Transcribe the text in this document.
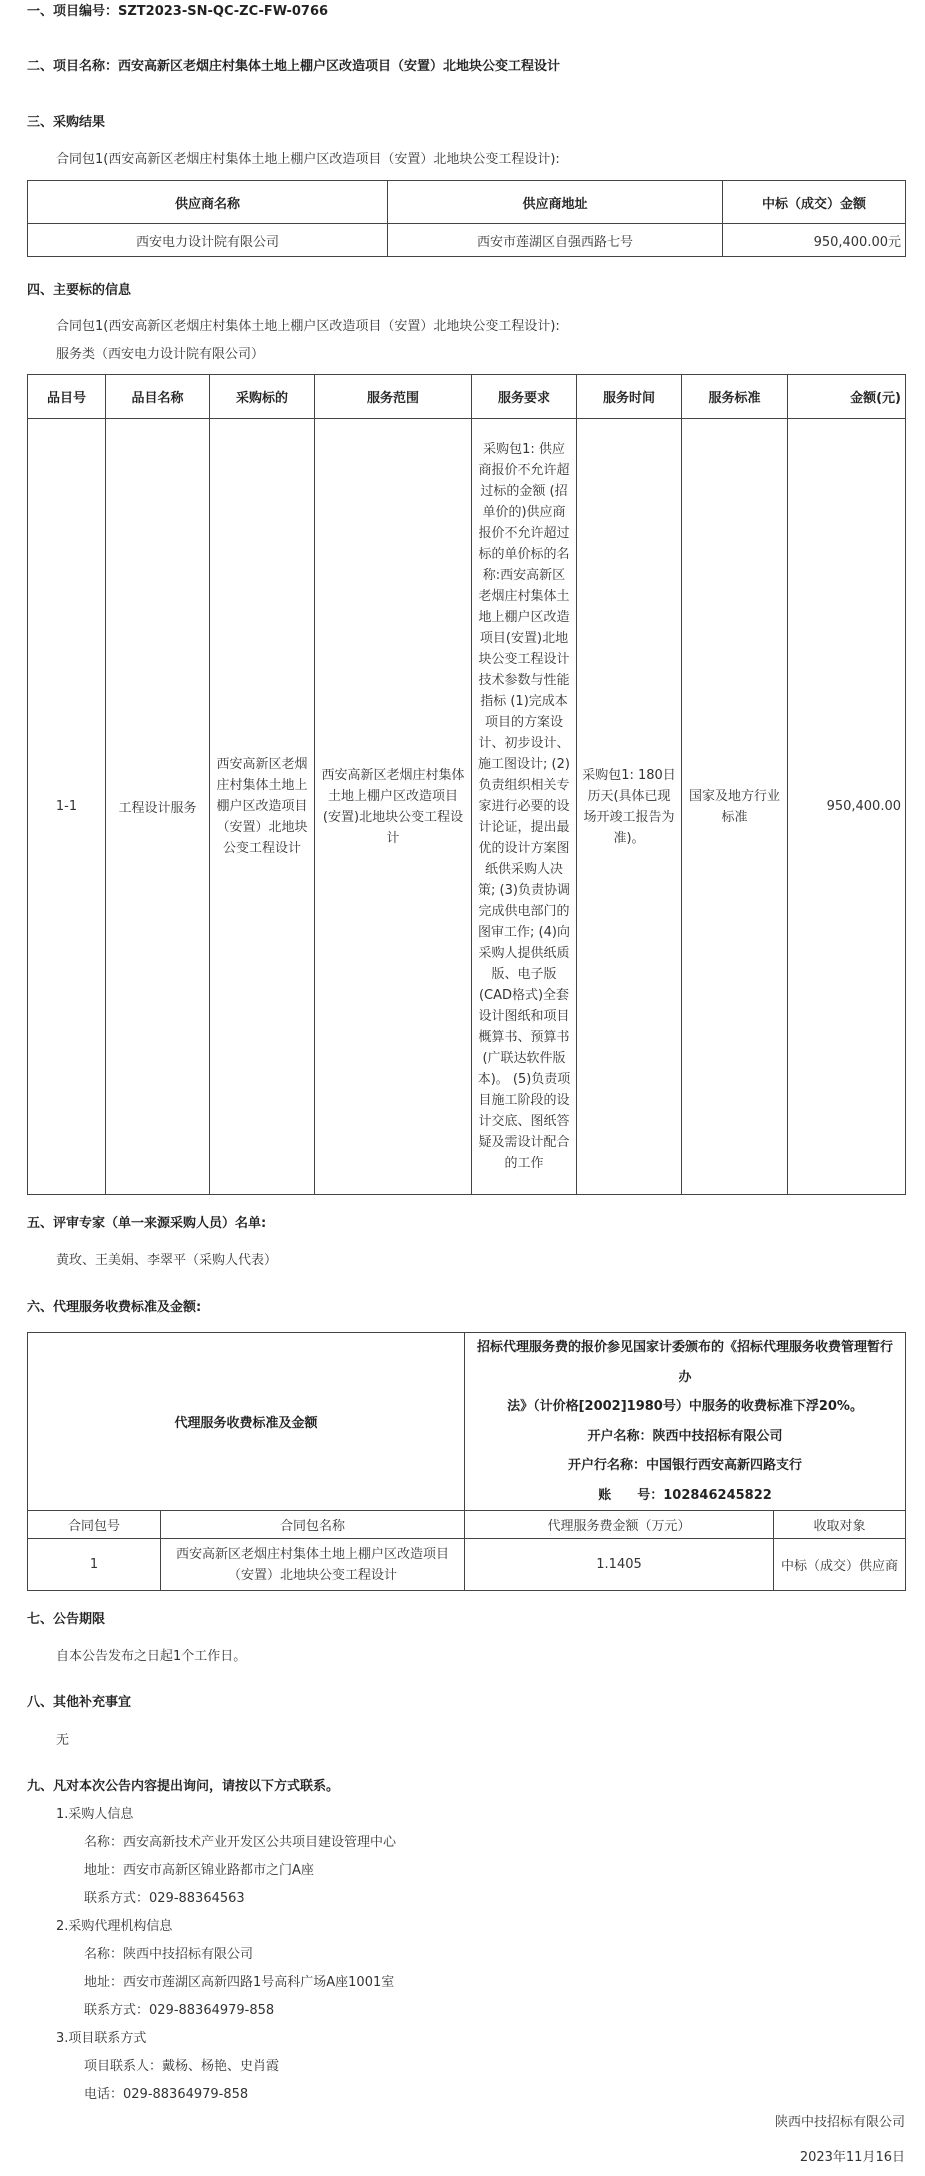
一、项目编号：SZT2023-SN-QC-ZC-FW-0766
二、项目名称：西安高新区老烟庄村集体土地上棚户区改造项目（安置）北地块公变工程设计
三、采购结果
合同包1(西安高新区老烟庄村集体土地上棚户区改造项目（安置）北地块公变工程设计):
供应商名称	供应商地址	中标（成交）金额
西安电力设计院有限公司	西安市莲湖区自强西路七号	950,400.00元
四、主要标的信息
合同包1(西安高新区老烟庄村集体土地上棚户区改造项目（安置）北地块公变工程设计):
服务类（西安电力设计院有限公司）
品目号	品目名称	采购标的	服务范围	服务要求	服务时间	服务标准	金额(元)
1-1	工程设计服务	西安高新区老烟庄村集体土地上棚户区改造项目（安置）北地块公变工程设计	西安高新区老烟庄村集体土地上棚户区改造项目(安置)北地块公变工程设计	采购包1: 供应商报价不允许超过标的金额 (招单价的)供应商报价不允许超过标的单价标的名称:西安高新区老烟庄村集体土地上棚户区改造项目(安置)北地块公变工程设计技术参数与性能指标 (1)完成本项目的方案设计、初步设计、施工图设计; (2)负责组织相关专家进行必要的设计论证，提出最优的设计方案图纸供采购人决策; (3)负责协调完成供电部门的图审工作; (4)向采购人提供纸质版、电子版(CAD格式)全套设计图纸和项目概算书、预算书(广联达软件版本)。 (5)负责项目施工阶段的设计交底、图纸答疑及需设计配合的工作	采购包1: 180日历天(具体已现场开竣工报告为准)。	国家及地方行业标准	950,400.00
五、评审专家（单一来源采购人员）名单:
黄玫、王美娟、李翠平（采购人代表）
六、代理服务收费标准及金额:
代理服务收费标准及金额		招标代理服务费的报价参见国家计委颁布的《招标代理服务收费管理暂行办
法》（计价格[2002]1980号）中服务的收费标准下浮20%。
开户名称：陕西中技招标有限公司
开户行名称：中国银行西安高新四路支行
账　　号：102846245822	

合同包号	合同包名称	代理服务费金额（万元）	收取对象
1	西安高新区老烟庄村集体土地上棚户区改造项目（安置）北地块公变工程设计	1.1405	中标（成交）供应商
七、公告期限
自本公告发布之日起1个工作日。
八、其他补充事宜
无
九、凡对本次公告内容提出询问，请按以下方式联系。
1.采购人信息
名称：西安高新技术产业开发区公共项目建设管理中心
地址：西安市高新区锦业路都市之门A座
联系方式：029-88364563
2.采购代理机构信息
名称：陕西中技招标有限公司
地址：西安市莲湖区高新四路1号高科广场A座1001室
联系方式：029-88364979-858
3.项目联系方式
项目联系人：戴杨、杨艳、史肖霞
电话：029-88364979-858
陕西中技招标有限公司
2023年11月16日
